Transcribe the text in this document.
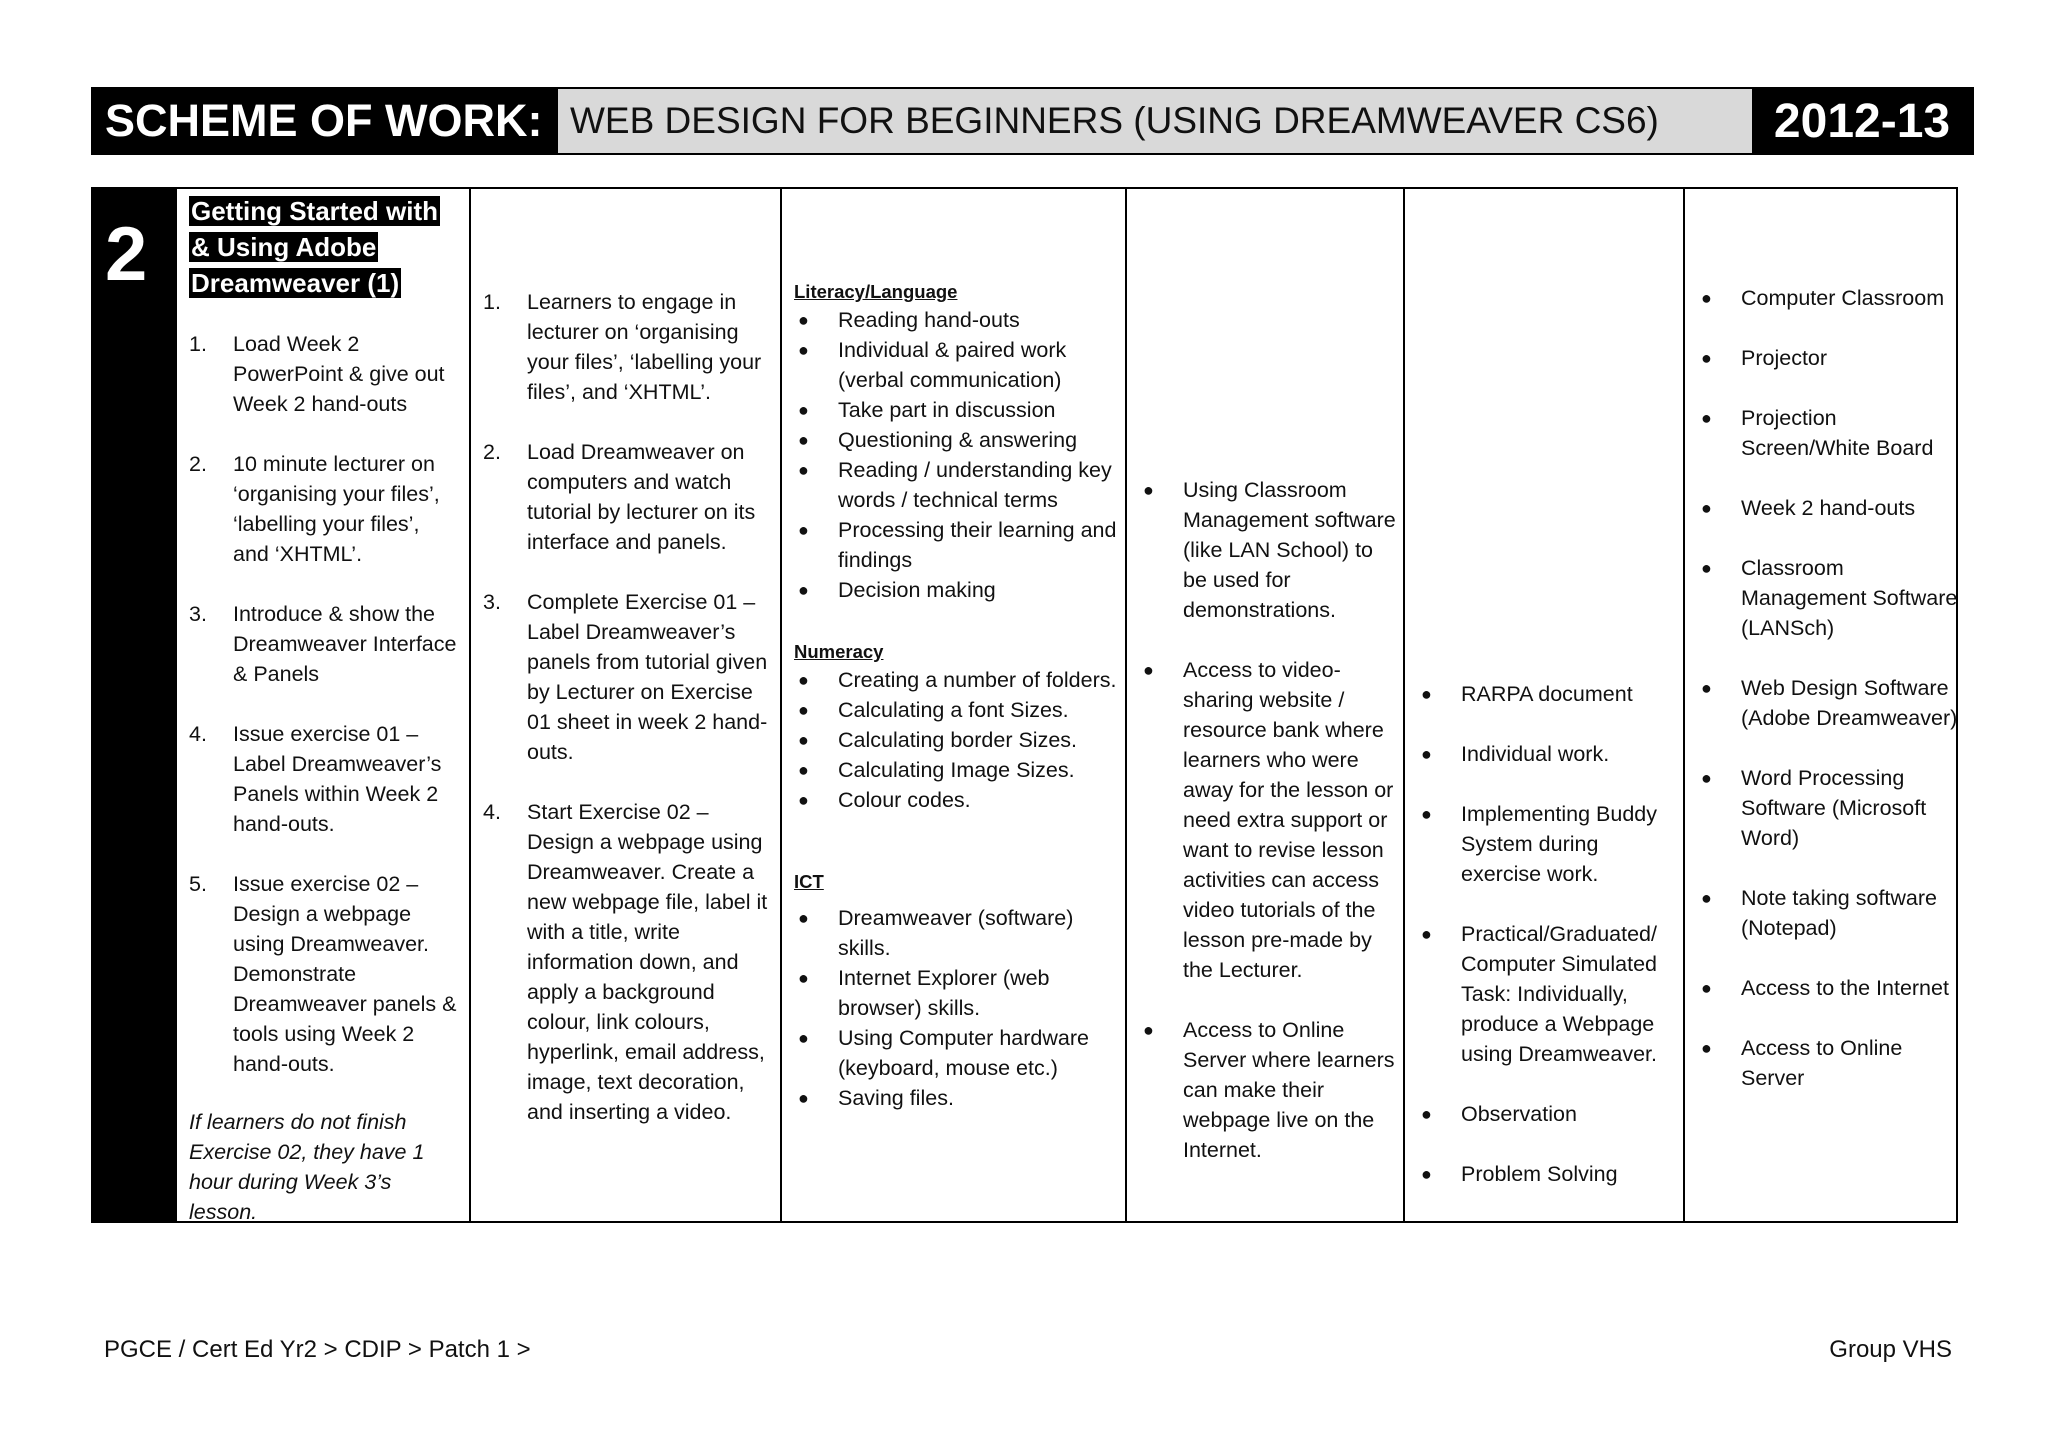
SCHEME OF WORK: WEB DESIGN FOR BEGINNERS (USING DREAMWEAVER CS6)	2012-13
2
Getting Started with
& Using Adobe
Dreamweaver (1)
1. Load Week 2 PowerPoint & give out Week 2 hand-outs
2. 10 minute lecturer on ‘organising your files’, ‘labelling your files’, and ‘XHTML’.
3. Introduce & show the Dreamweaver Interface & Panels
4. Issue exercise 01 – Label Dreamweaver’s Panels within Week 2 hand-outs.
5. Issue exercise 02 – Design a webpage using Dreamweaver. Demonstrate Dreamweaver panels & tools using Week 2 hand-outs.
If learners do not finish Exercise 02, they have 1 hour during Week 3’s lesson.
1. Learners to engage in lecturer on ‘organising your files’, ‘labelling your files’, and ‘XHTML’.
2. Load Dreamweaver on computers and watch tutorial by lecturer on its interface and panels.
3. Complete Exercise 01 – Label Dreamweaver’s panels from tutorial given by Lecturer on Exercise 01 sheet in week 2 hand-outs.
4. Start Exercise 02 – Design a webpage using Dreamweaver. Create a new webpage file, label it with a title, write information down, and apply a background colour, link colours, hyperlink, email address, image, text decoration, and inserting a video.
Literacy/Language
● Reading hand-outs
● Individual & paired work (verbal communication)
● Take part in discussion
● Questioning & answering
● Reading / understanding key words / technical terms
● Processing their learning and findings
● Decision making
Numeracy
● Creating a number of folders.
● Calculating a font Sizes.
● Calculating border Sizes.
● Calculating Image Sizes.
● Colour codes.
ICT
● Dreamweaver (software) skills.
● Internet Explorer (web browser) skills.
● Using Computer hardware (keyboard, mouse etc.)
● Saving files.
● Using Classroom Management software (like LAN School) to be used for demonstrations.
● Access to video-sharing website / resource bank where learners who were away for the lesson or need extra support or want to revise lesson activities can access video tutorials of the lesson pre-made by the Lecturer.
● Access to Online Server where learners can make their webpage live on the Internet.
● RARPA document
● Individual work.
● Implementing Buddy System during exercise work.
● Practical/Graduated/ Computer Simulated Task: Individually, produce a Webpage using Dreamweaver.
● Observation
● Problem Solving
● Computer Classroom
● Projector
● Projection Screen/White Board
● Week 2 hand-outs
● Classroom Management Software (LANSch)
● Web Design Software (Adobe Dreamweaver)
● Word Processing Software (Microsoft Word)
● Note taking software (Notepad)
● Access to the Internet
● Access to Online Server
PGCE / Cert Ed Yr2 > CDIP > Patch 1 >	Group VHS
